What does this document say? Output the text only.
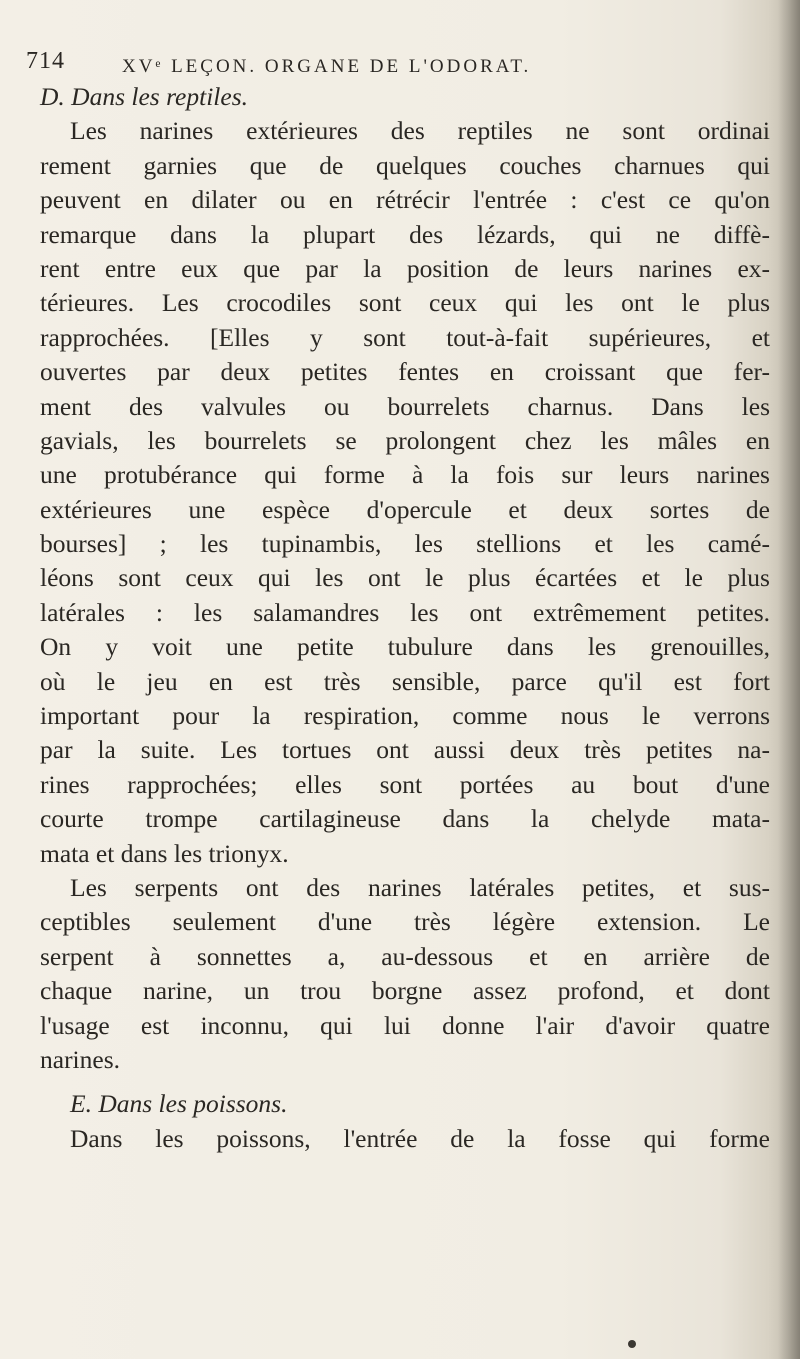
714	XVᵉ LEÇON. ORGANE DE L'ODORAT.
D. Dans les reptiles.
Les narines extérieures des reptiles ne sont ordinai
rement garnies que de quelques couches charnues qui
peuvent en dilater ou en rétrécir l'entrée : c'est ce qu'on
remarque dans la plupart des lézards, qui ne diffè-
rent entre eux que par la position de leurs narines ex-
térieures. Les crocodiles sont ceux qui les ont le plus
rapprochées. [Elles y sont tout-à-fait supérieures, et
ouvertes par deux petites fentes en croissant que fer-
ment des valvules ou bourrelets charnus. Dans les
gavials, les bourrelets se prolongent chez les mâles en
une protubérance qui forme à la fois sur leurs narines
extérieures une espèce d'opercule et deux sortes de
bourses] ; les tupinambis, les stellions et les camé-
léons sont ceux qui les ont le plus écartées et le plus
latérales : les salamandres les ont extrêmement petites.
On y voit une petite tubulure dans les grenouilles,
où le jeu en est très sensible, parce qu'il est fort
important pour la respiration, comme nous le verrons
par la suite. Les tortues ont aussi deux très petites na-
rines rapprochées; elles sont portées au bout d'une
courte trompe cartilagineuse dans la chelyde mata-
mata et dans les trionyx.
Les serpents ont des narines latérales petites, et sus-
ceptibles seulement d'une très légère extension. Le
serpent à sonnettes a, au-dessous et en arrière de
chaque narine, un trou borgne assez profond, et dont
l'usage est inconnu, qui lui donne l'air d'avoir quatre
narines.
E. Dans les poissons.
Dans les poissons, l'entrée de la fosse qui forme
